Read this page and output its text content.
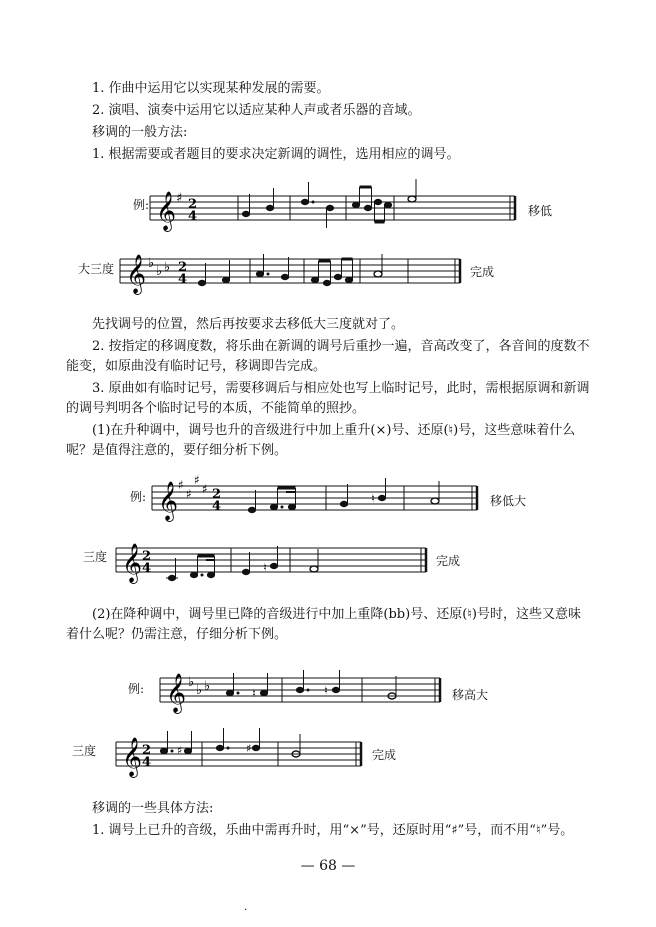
1. 作曲中运用它以实现某种发展的需要。
2. 演唱、演奏中运用它以适应某种人声或者乐器的音域。
移调的一般方法:
1. 根据需要或者题目的要求决定新调的调性，选用相应的调号。
例: 𝄞 ♯ 2
4	移低
大三度 𝄞 ♭
♭ ♭ 2
4	完成
先找调号的位置，然后再按要求去移低大三度就对了。
2. 按指定的移调度数，将乐曲在新调的调号后重抄一遍，音高改变了，各音间的度数不
能变，如原曲没有临时记号，移调即告完成。
3. 原曲如有临时记号，需要移调后与相应处也写上临时记号，此时，需根据原调和新调
的调号判明各个临时记号的本质，不能简单的照抄。
(1)在升种调中，调号也升的音级进行中加上重升(×)号、还原(♮)号，这些意味着什么
呢？是值得注意的，要仔细分析下例。
例: 𝄞 ♯
♯
♯
♯ 2
4
♮	移低大
三度 𝄞 2
4	♮	完成
(2)在降种调中，调号里已降的音级进行中加上重降(bb)号、还原(♮)号时，这些又意味
着什么呢？仍需注意，仔细分析下例。
例: 𝄞 ♭
♭ ♭	♮	♮	移高大
三度 𝄞 2
4
♯	♯	完成
移调的一些具体方法:
1. 调号上已升的音级，乐曲中需再升时，用“×”号，还原时用“♯”号，而不用“♮”号。
— 68 —
·
